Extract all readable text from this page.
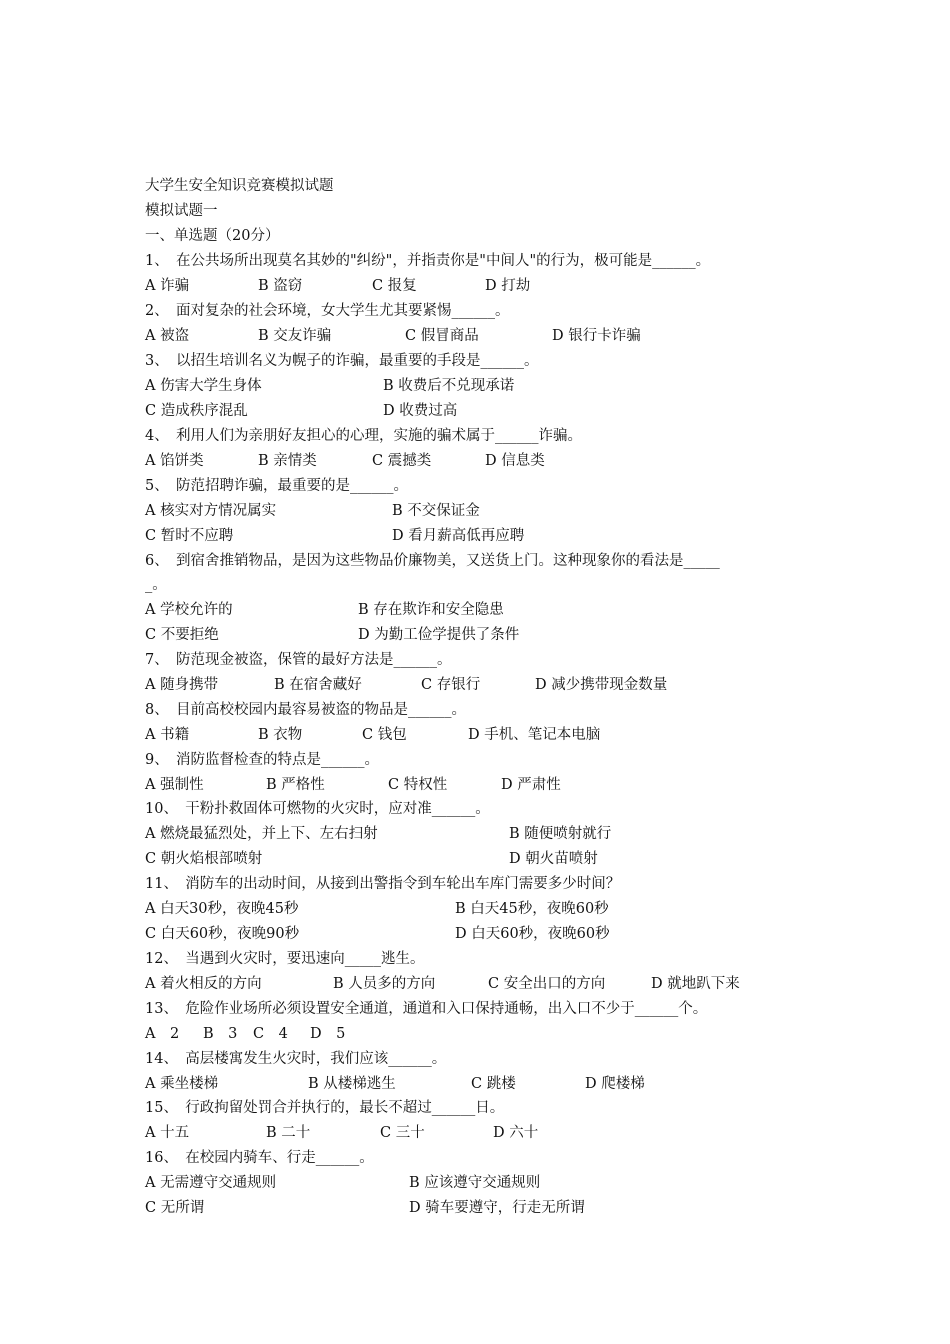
大学生安全知识竞赛模拟试题
模拟试题一
一、单选题（20分）
1、　在公共场所出现莫名其妙的"纠纷"，并指责你是"中间人"的行为，极可能是______。
A 诈骗	B 盗窃	C 报复	D 打劫
2、　面对复杂的社会环境，女大学生尤其要紧惕______。
A 被盗	B 交友诈骗	C 假冒商品	D 银行卡诈骗
3、　以招生培训名义为幌子的诈骗，最重要的手段是______。
A 伤害大学生身体	B 收费后不兑现承诺
C 造成秩序混乱	D 收费过高
4、　利用人们为亲朋好友担心的心理，实施的骗术属于______诈骗。
A 馅饼类	B 亲情类	C 震撼类	D 信息类
5、　防范招聘诈骗，最重要的是______。
A 核实对方情况属实	B 不交保证金
C 暂时不应聘	D 看月薪高低再应聘
6、　到宿舍推销物品，是因为这些物品价廉物美，又送货上门。这种现象你的看法是_____
_。
A 学校允许的	B 存在欺诈和安全隐患
C 不要拒绝	D 为勤工俭学提供了条件
7、　防范现金被盗，保管的最好方法是______。
A 随身携带	B 在宿舍藏好	C 存银行	D 减少携带现金数量
8、　目前高校校园内最容易被盗的物品是______。
A 书籍	B 衣物	C 钱包	D 手机、笔记本电脑
9、　消防监督检查的特点是______。
A 强制性	B 严格性	C 特权性	D 严肃性
10、　干粉扑救固体可燃物的火灾时，应对准______。
A 燃烧最猛烈处，并上下、左右扫射	B 随便喷射就行
C 朝火焰根部喷射	D 朝火苗喷射
11、　消防车的出动时间，从接到出警指令到车轮出车库门需要多少时间？
A 白天30秒，夜晚45秒	B 白天45秒，夜晚60秒
C 白天60秒，夜晚90秒	D 白天60秒，夜晚60秒
12、　当遇到火灾时，要迅速向_____逃生。
A 着火相反的方向	B 人员多的方向	C 安全出口的方向	D 就地趴下来
13、　危险作业场所必须设置安全通道，通道和入口保持通畅，出入口不少于______个。
A　2 B　3 C　4 D　5
14、　高层楼寓发生火灾时，我们应该______。
A 乘坐楼梯	B 从楼梯逃生	C 跳楼	D 爬楼梯
15、　行政拘留处罚合并执行的，最长不超过______日。
A 十五	B 二十	C 三十	D 六十
16、　在校园内骑车、行走______。
A 无需遵守交通规则	B 应该遵守交通规则
C 无所谓	D 骑车要遵守，行走无所谓
